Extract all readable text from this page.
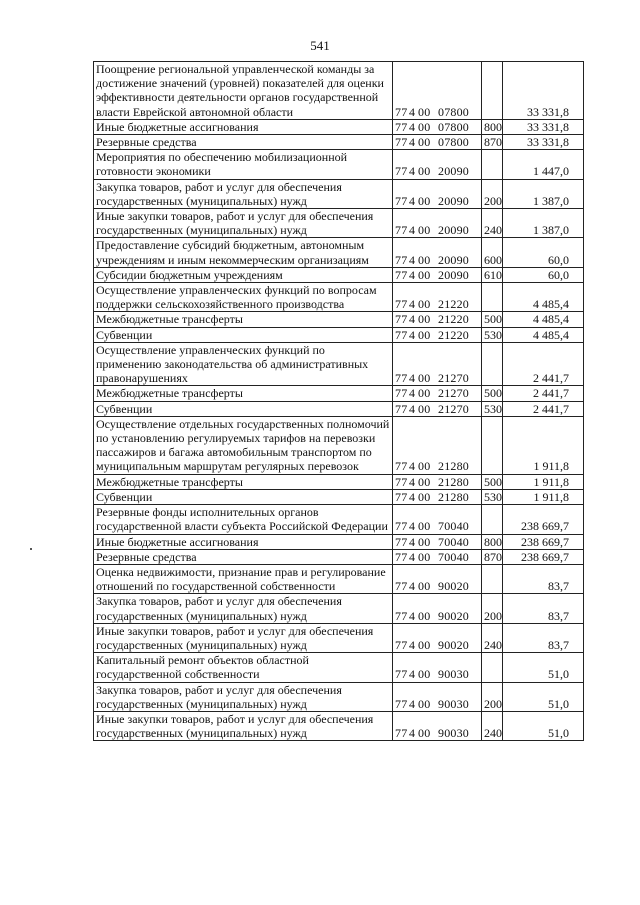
541
Поощрение региональной управленческой команды за достижение значений (уровней) показателей для оценки эффективности деятельности органов государственной власти Еврейской автономной области	77 4 00 07800		33 331,8
Иные бюджетные ассигнования	77 4 00 07800	800	33 331,8
Резервные средства	77 4 00 07800	870	33 331,8
Мероприятия по обеспечению мобилизационной готовности экономики	77 4 00 20090		1 447,0
Закупка товаров, работ и услуг для обеспечения государственных (муниципальных) нужд	77 4 00 20090	200	1 387,0
Иные закупки товаров, работ и услуг для обеспечения государственных (муниципальных) нужд	77 4 00 20090	240	1 387,0
Предоставление субсидий бюджетным, автономным учреждениям и иным некоммерческим организациям	77 4 00 20090	600	60,0
Субсидии бюджетным учреждениям	77 4 00 20090	610	60,0
Осуществление управленческих функций по вопросам поддержки сельскохозяйственного производства	77 4 00 21220		4 485,4
Межбюджетные трансферты	77 4 00 21220	500	4 485,4
Субвенции	77 4 00 21220	530	4 485,4
Осуществление управленческих функций по применению законодательства об административных правонарушениях	77 4 00 21270		2 441,7
Межбюджетные трансферты	77 4 00 21270	500	2 441,7
Субвенции	77 4 00 21270	530	2 441,7
Осуществление отдельных государственных полномочий по установлению регулируемых тарифов на перевозки пассажиров и багажа автомобильным транспортом по муниципальным маршрутам регулярных перевозок	77 4 00 21280		1 911,8
Межбюджетные трансферты	77 4 00 21280	500	1 911,8
Субвенции	77 4 00 21280	530	1 911,8
Резервные фонды исполнительных органов государственной власти субъекта Российской Федерации	77 4 00 70040		238 669,7
Иные бюджетные ассигнования	77 4 00 70040	800	238 669,7
Резервные средства	77 4 00 70040	870	238 669,7
Оценка недвижимости, признание прав и регулирование отношений по государственной собственности	77 4 00 90020		83,7
Закупка товаров, работ и услуг для обеспечения государственных (муниципальных) нужд	77 4 00 90020	200	83,7
Иные закупки товаров, работ и услуг для обеспечения государственных (муниципальных) нужд	77 4 00 90020	240	83,7
Капитальный ремонт объектов областной государственной собственности	77 4 00 90030		51,0
Закупка товаров, работ и услуг для обеспечения государственных (муниципальных) нужд	77 4 00 90030	200	51,0
Иные закупки товаров, работ и услуг для обеспечения государственных (муниципальных) нужд	77 4 00 90030	240	51,0
